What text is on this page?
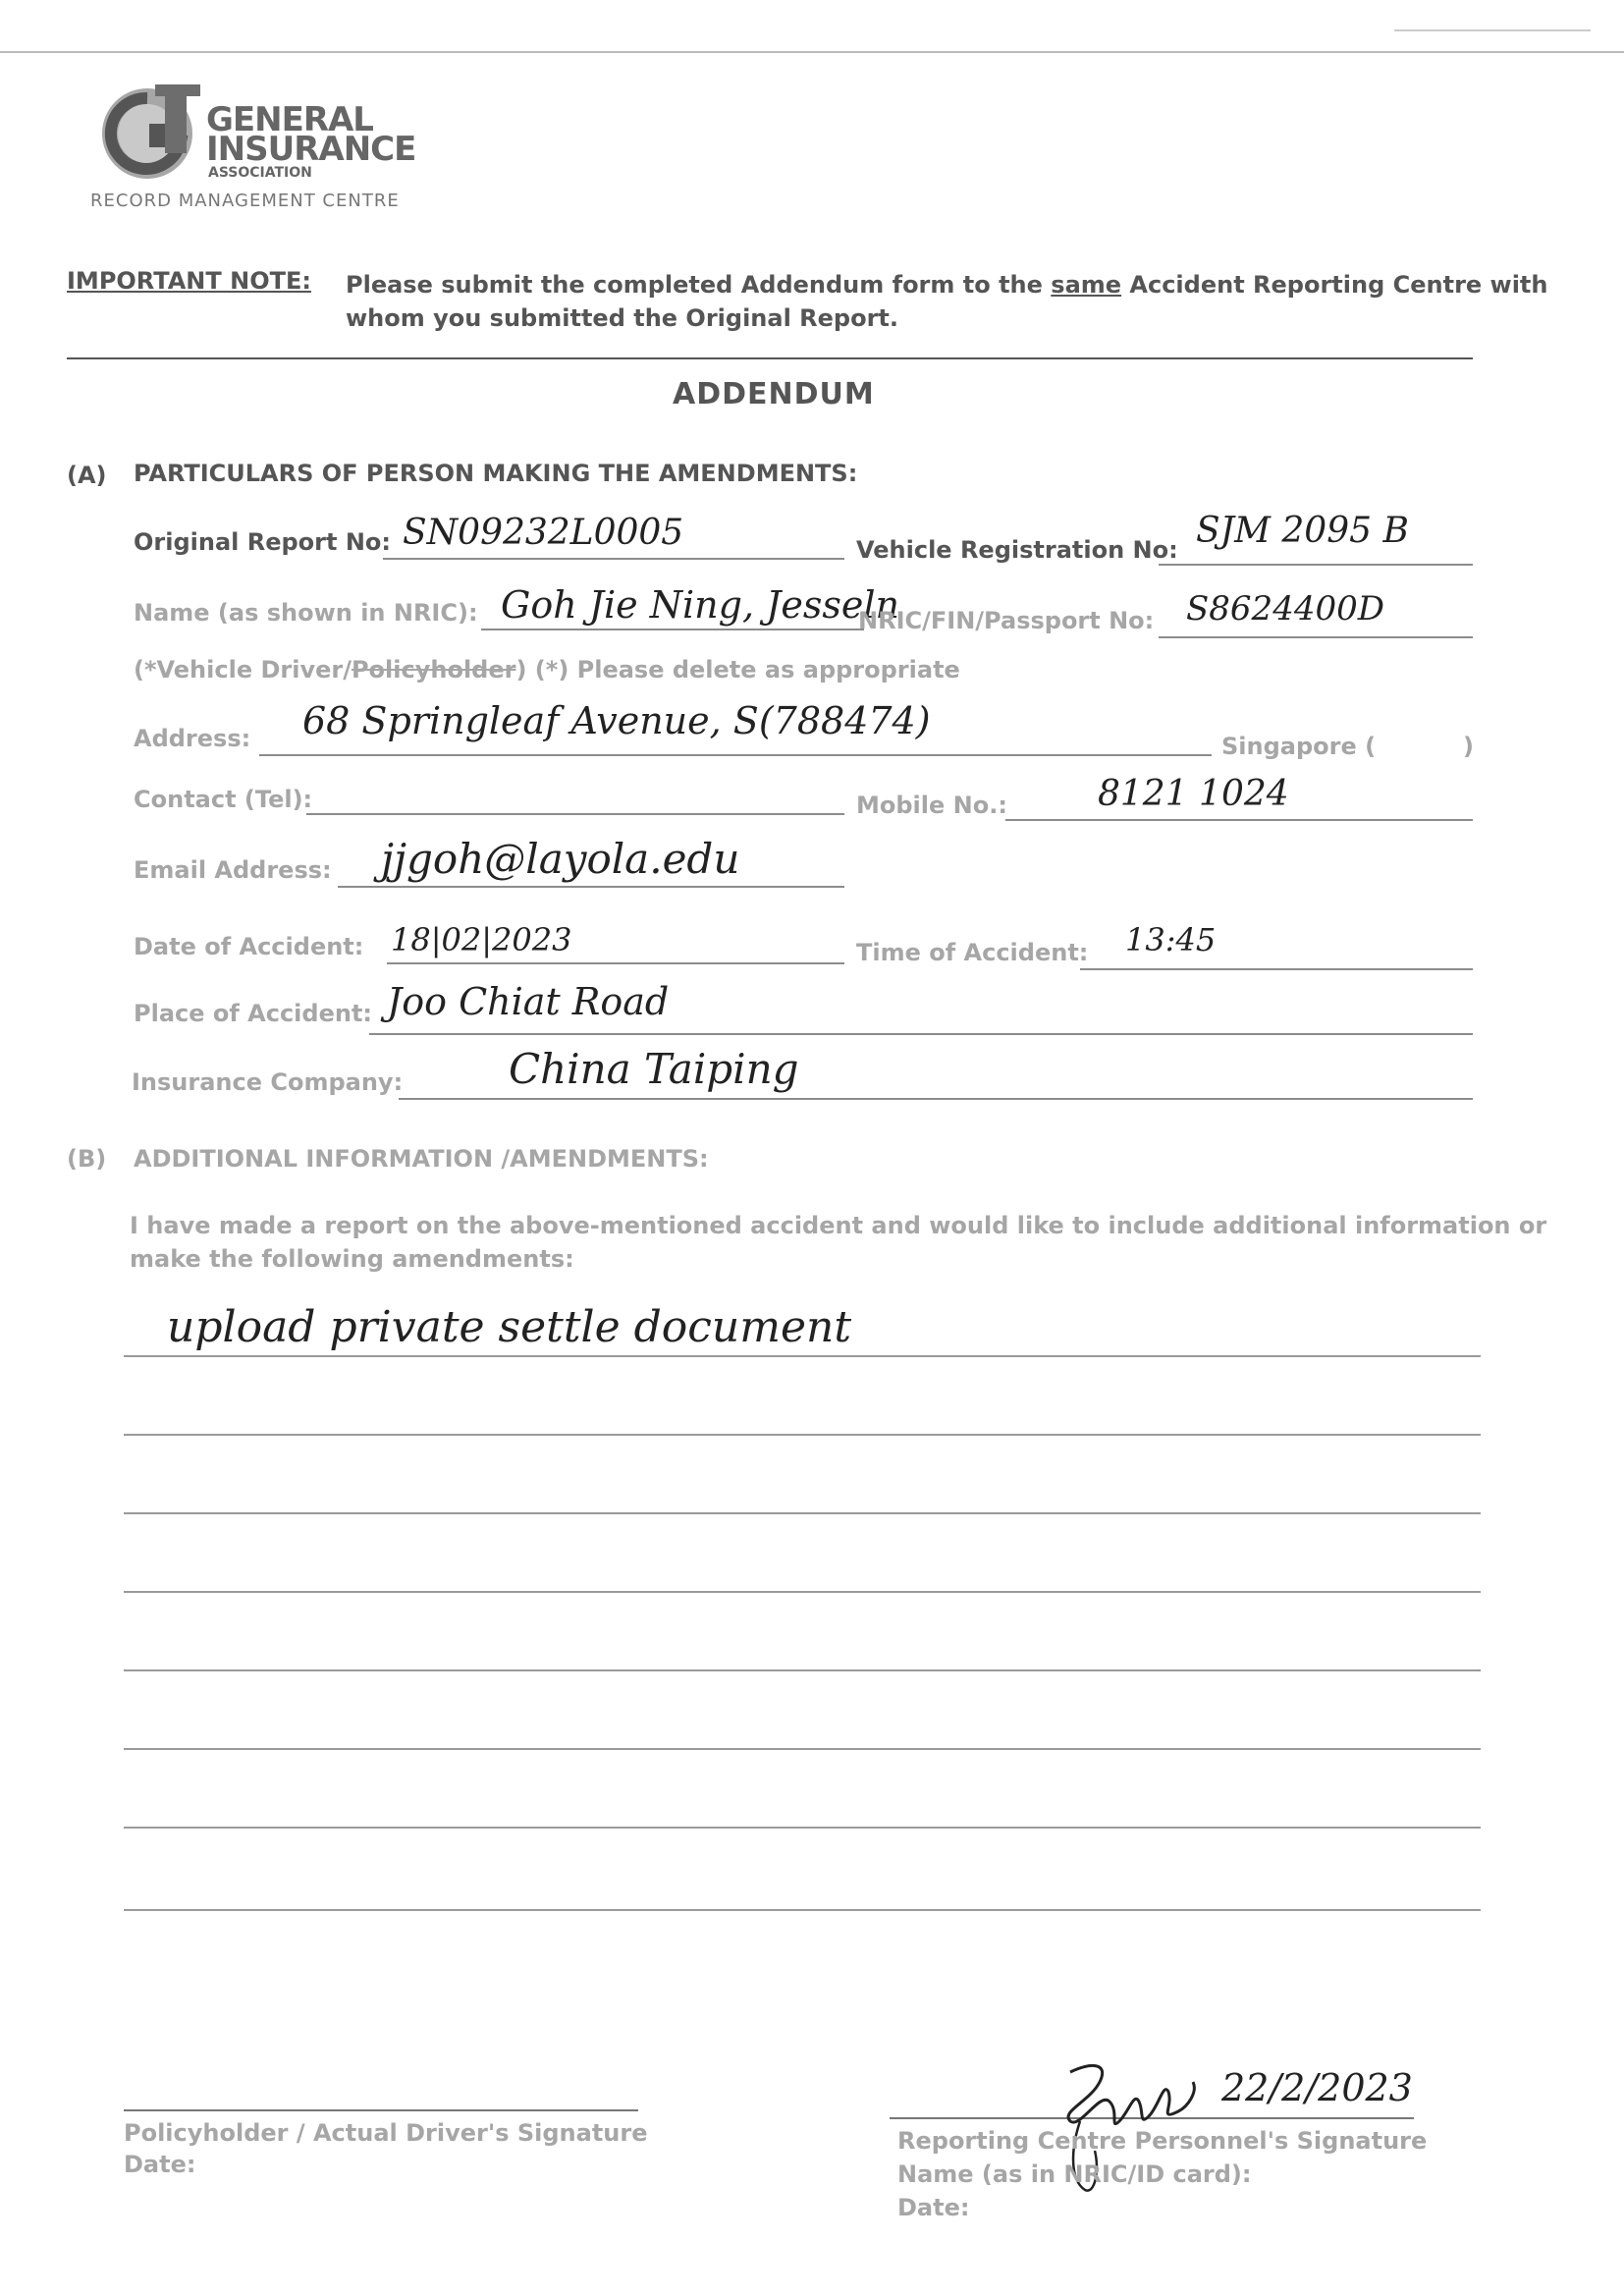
GENERAL
INSURANCE
ASSOCIATION
RECORD MANAGEMENT CENTRE
IMPORTANT NOTE: Please submit the completed Addendum form to the same Accident Reporting Centre with
whom you submitted the Original Report.
ADDENDUM
(A) PARTICULARS OF PERSON MAKING THE AMENDMENTS:
Original Report No: SN09232L0005	Vehicle Registration No: SJM 2095 B
Name (as shown in NRIC): Goh Jie Ning, Jesseln
NRIC/FIN/Passport No: S8624400D
(*Vehicle Driver/Policyholder) (*) Please delete as appropriate
Address: 68 Springleaf Avenue, S(788474)
Singapore (	)
Contact (Tel):	Mobile No.:	8121 1024
Email Address: jjgoh@layola.edu
Date of Accident: 18|02|2023	Time of Accident: 13:45
Place of Accident: Joo Chiat Road
Insurance Company:	China Taiping
(B) ADDITIONAL INFORMATION /AMENDMENTS:
I have made a report on the above-mentioned accident and would like to include additional information or
make the following amendments:
upload private settle document
Policyholder / Actual Driver's Signature
Date:
22/2/2023
Reporting Centre Personnel's Signature
Name (as in NRIC/ID card):
Date:
